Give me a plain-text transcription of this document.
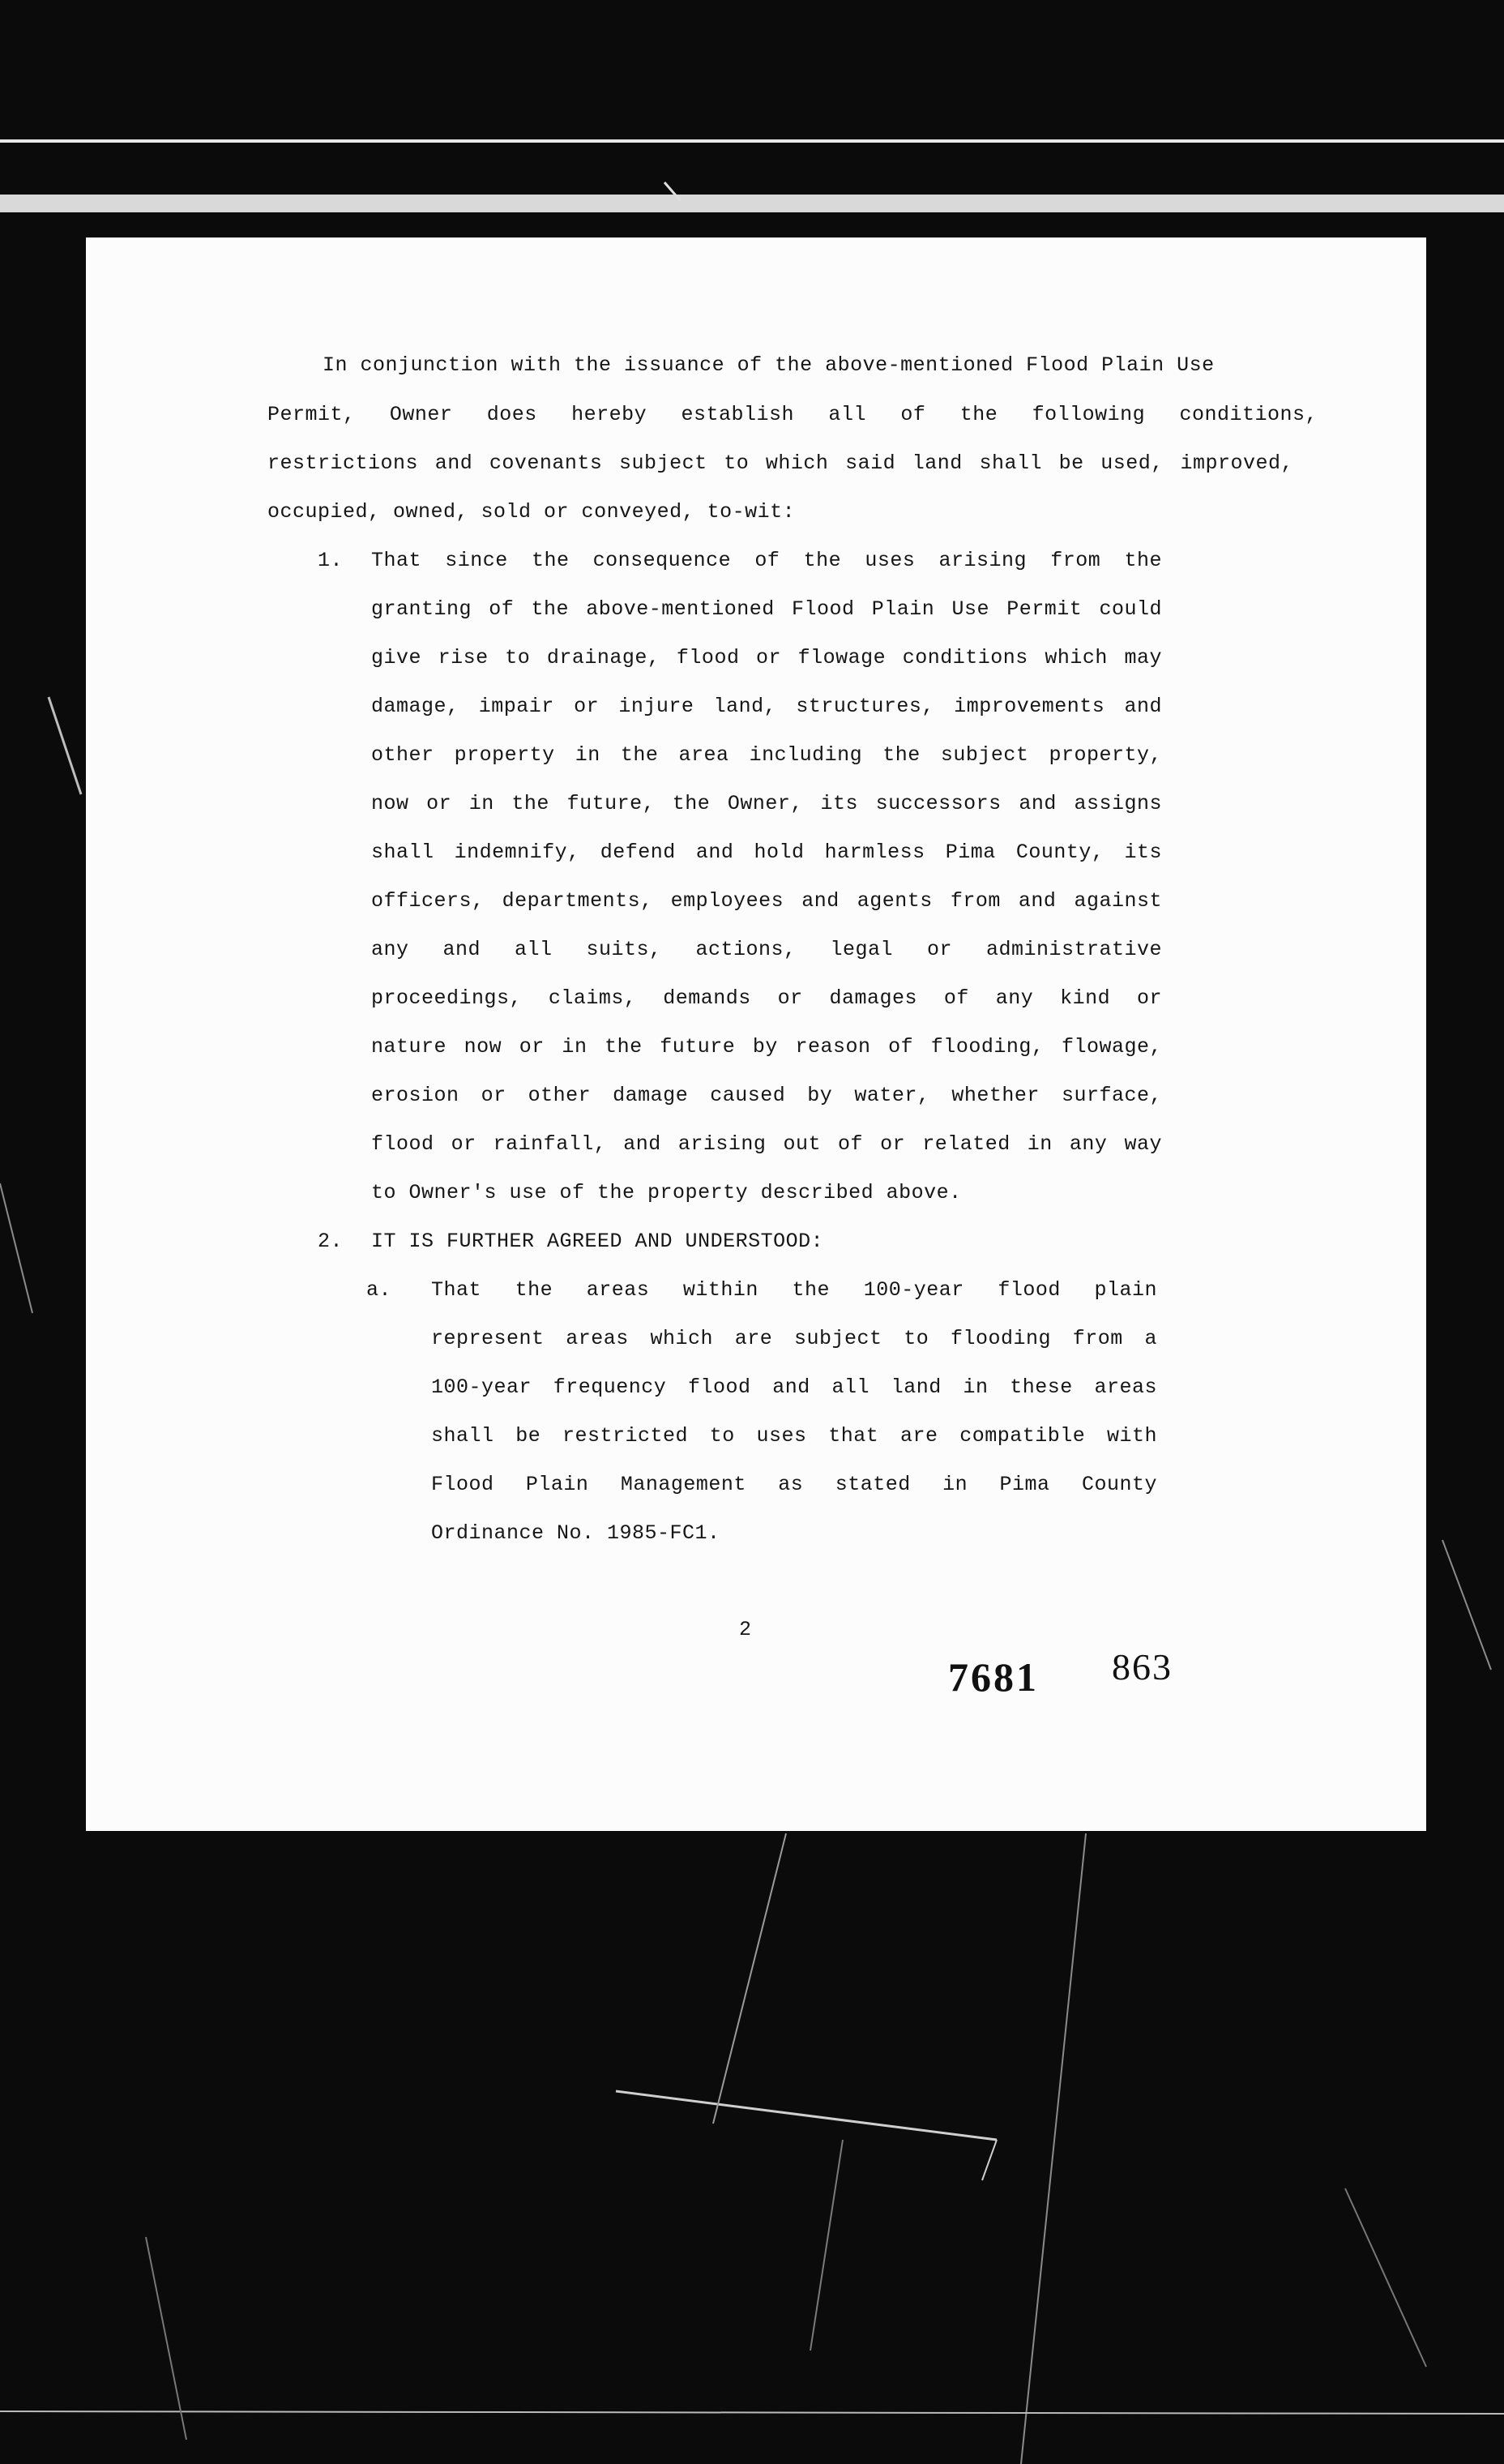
In conjunction with the issuance of the above-mentioned Flood Plain Use
Permit, Owner does hereby establish all of the following conditions,
restrictions and covenants subject to which said land shall be used, improved,
occupied, owned, sold or conveyed, to-wit:
1. That since the consequence of the uses arising from the
granting of the above-mentioned Flood Plain Use Permit could
give rise to drainage, flood or flowage conditions which may
damage, impair or injure land, structures, improvements and
other property in the area including the subject property,
now or in the future, the Owner, its successors and assigns
shall indemnify, defend and hold harmless Pima County, its
officers, departments, employees and agents from and against
any and all suits, actions, legal or administrative
proceedings, claims, demands or damages of any kind or
nature now or in the future by reason of flooding, flowage,
erosion or other damage caused by water, whether surface,
flood or rainfall, and arising out of or related in any way
to Owner's use of the property described above.
2. IT IS FURTHER AGREED AND UNDERSTOOD:
a. That the areas within the 100-year flood plain
represent areas which are subject to flooding from a
100-year frequency flood and all land in these areas
shall be restricted to uses that are compatible with
Flood Plain Management as stated in Pima County
Ordinance No. 1985-FC1.
2
7681 863
